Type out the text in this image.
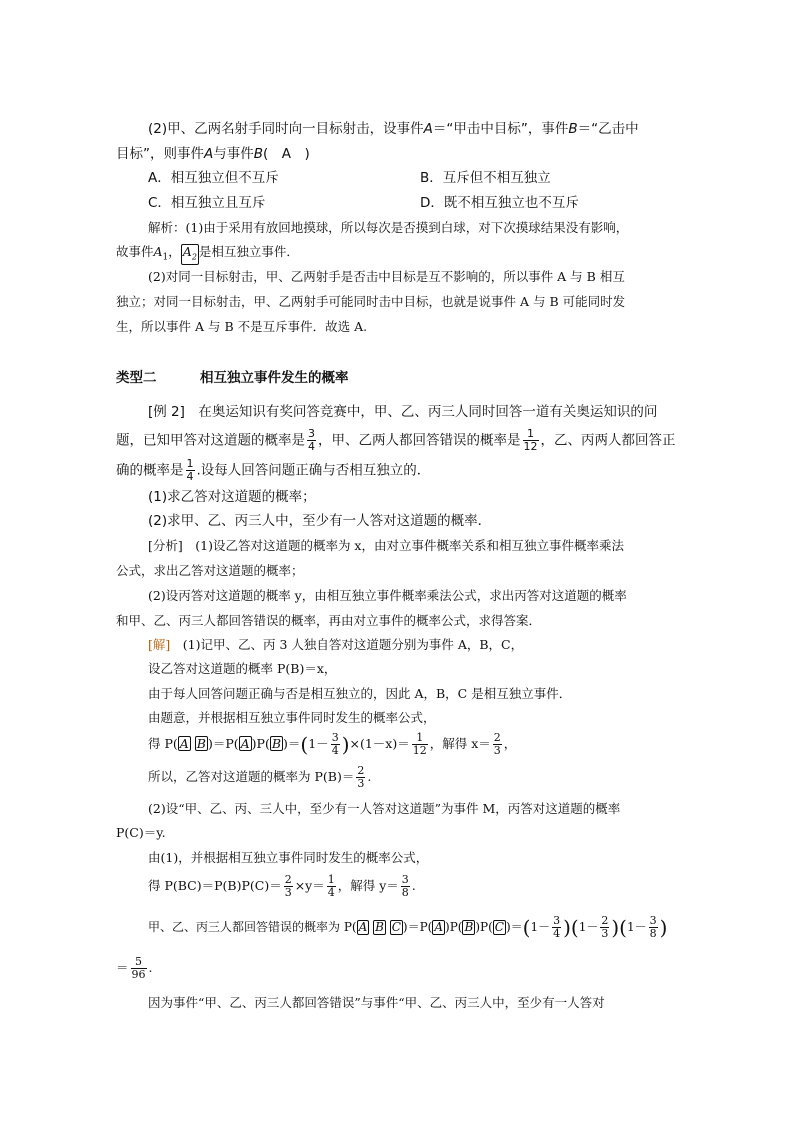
(2)甲、乙两名射手同时向一目标射击，设事件A＝“甲击中目标”，事件B＝“乙击中
目标”，则事件A与事件B(　A　)
A．相互独立但不互斥	B．互斥但不相互独立
C．相互独立且互斥	D．既不相互独立也不互斥
解析：(1)由于采用有放回地摸球，所以每次是否摸到白球，对下次摸球结果没有影响，
故事件$A_1$， $A_2$ 是相互独立事件．
(2)对同一目标射击，甲、乙两射手是否击中目标是互不影响的，所以事件 A 与 B 相互
独立；对同一目标射击，甲、乙两射手可能同时击中目标，也就是说事件 A 与 B 可能同时发
生，所以事件 A 与 B 不是互斥事件．故选 A.
类型二	相互独立事件发生的概率
[例 2]　在奥运知识有奖问答竞赛中，甲、乙、丙三人同时回答一道有关奥运知识的问
题，已知甲答对这道题的概率是 $\frac{3}{4}$ ，甲、乙两人都回答错误的概率是 $\frac{1}{12}$ ，乙、丙两人都回答正
确的概率是 $\frac{1}{4}$ .设每人回答问题正确与否相互独立的．
(1)求乙答对这道题的概率；
(2)求甲、乙、丙三人中，至少有一人答对这道题的概率．
[分析]　(1)设乙答对这道题的概率为 x，由对立事件概率关系和相互独立事件概率乘法
公式，求出乙答对这道题的概率；
(2)设丙答对这道题的概率 y，由相互独立事件概率乘法公式，求出丙答对这道题的概率
和甲、乙、丙三人都回答错误的概率，再由对立事件的概率公式，求得答案．
[解]　(1)记甲、乙、丙 3 人独自答对这道题分别为事件 A，B，C，
设乙答对这道题的概率 P(B)＝x，
由于每人回答问题正确与否是相互独立的，因此 A，B，C 是相互独立事件．
由题意，并根据相互独立事件同时发生的概率公式，
得 P( A B )＝P( A )P( B )$=(1- \frac{3}{4} )\times(1-x)= \frac{1}{12}$ ，解得 $x= \frac{2}{3}$ ，
所以，乙答对这道题的概率为 $P(B)= \frac{2}{3}$ .
(2)设“甲、乙、丙、三人中，至少有一人答对这道题”为事件 M，丙答对这道题的概率
P(C)＝y.
由(1)，并根据相互独立事件同时发生的概率公式，
得 $P(BC)=P(B)P(C)= \frac{2}{3} \times y= \frac{1}{4}$ ，解得 $y= \frac{3}{8}$ .
甲、乙、丙三人都回答错误的概率为 P( A B C )＝P( A )P( B )P( C )$=(1- \frac{3}{4} )(1- \frac{2}{3} )(1- \frac{3}{8}$ )
＝ $\frac{5}{96}$ .
因为事件“甲、乙、丙三人都回答错误”与事件“甲、乙、丙三人中，至少有一人答对
